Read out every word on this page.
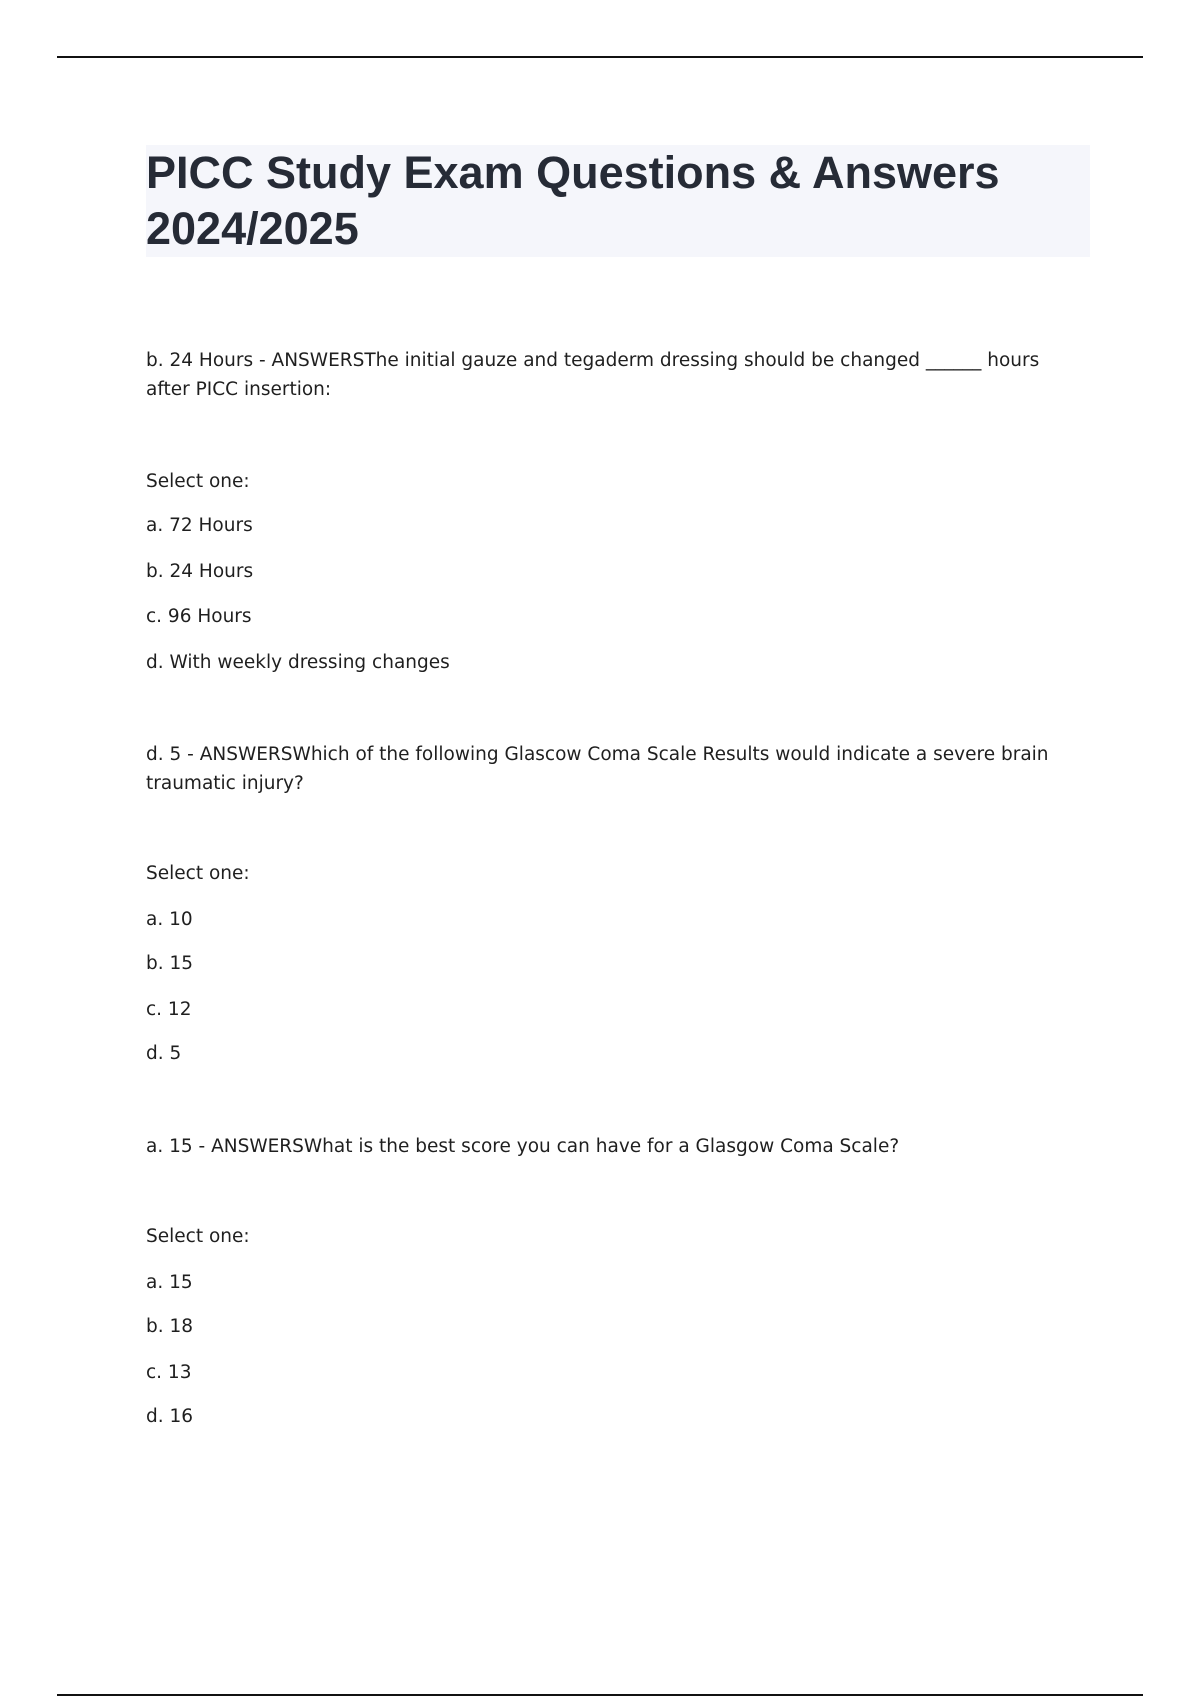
PICC Study Exam Questions & Answers 2024/2025

b. 24 Hours - ANSWERSThe initial gauze and tegaderm dressing should be changed ______ hours after PICC insertion:

Select one:

a. 72 Hours

b. 24 Hours

c. 96 Hours

d. With weekly dressing changes

d. 5 - ANSWERSWhich of the following Glascow Coma Scale Results would indicate a severe brain traumatic injury?

Select one:

a. 10

b. 15

c. 12

d. 5

a. 15 - ANSWERSWhat is the best score you can have for a Glasgow Coma Scale?

Select one:

a. 15

b. 18

c. 13

d. 16
